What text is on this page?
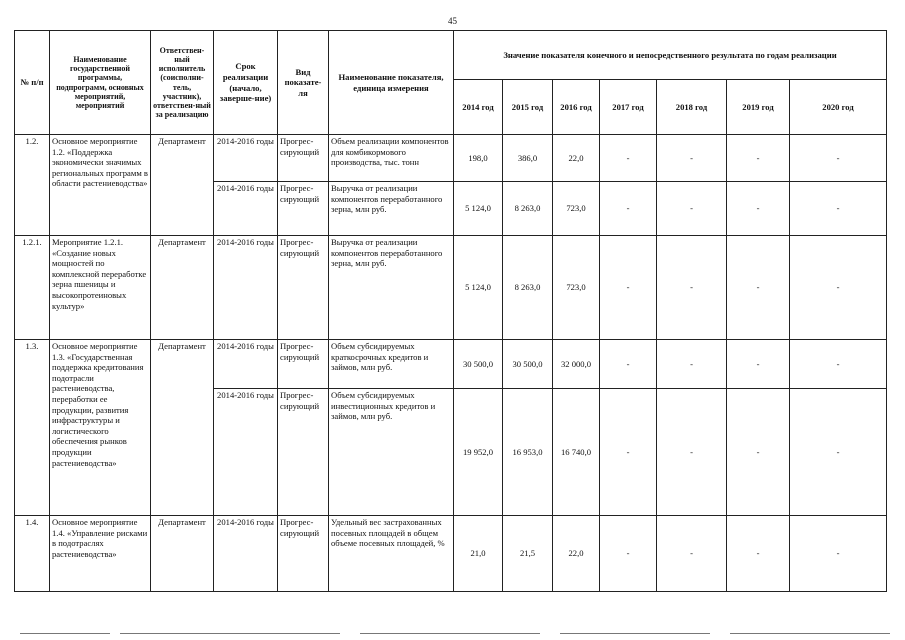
45
№ п/п	Наименование государственной программы, подпрограмм, основных мероприятий, мероприятий	Ответствен-ный исполнитель (соисполни-тель, участник), ответствен-ный за реализацию	Срок реализации (начало, заверше-ние)	Вид показате-ля	Наименование показателя, единица измерения	Значение показателя конечного и непосредственного результата по годам реализации						
						2014 год	2015 год	2016 год	2017 год	2018 год	2019 год	2020 год
1.2.	Основное мероприятие 1.2. «Поддержка экономически значимых региональных программ в области растениеводства»	Департамент	2014-2016 годы	Прогрес-сирующий	Объем реализации компонентов для комбикормового производства, тыс. тонн	198,0	386,0	22,0	-	-	-	-
			2014-2016 годы	Прогрес-сирующий	Выручка от реализации компонентов переработанного зерна, млн руб.	5 124,0	8 263,0	723,0	-	-	-	-
1.2.1.	Мероприятие 1.2.1. «Создание новых мощностей по комплексной переработке зерна пшеницы и высокопротеиновых культур»	Департамент	2014-2016 годы	Прогрес-сирующий	Выручка от реализации компонентов переработанного зерна, млн руб.	5 124,0	8 263,0	723,0	-	-	-	-
1.3.	Основное мероприятие 1.3. «Государственная поддержка кредитования подотрасли растениеводства, переработки ее продукции, развития инфраструктуры и логистического обеспечения рынков продукции растениеводства»	Департамент	2014-2016 годы	Прогрес-сирующий	Объем субсидируемых краткосрочных кредитов и займов, млн руб.	30 500,0	30 500,0	32 000,0	-	-	-	-
			2014-2016 годы	Прогрес-сирующий	Объем субсидируемых инвестиционных кредитов и займов, млн руб.	19 952,0	16 953,0	16 740,0	-	-	-	-
1.4.	Основное мероприятие 1.4. «Управление рисками в подотраслях растениеводства»	Департамент	2014-2016 годы	Прогрес-сирующий	Удельный вес застрахованных посевных площадей в общем объеме посевных площадей, %	21,0	21,5	22,0	-	-	-	-
